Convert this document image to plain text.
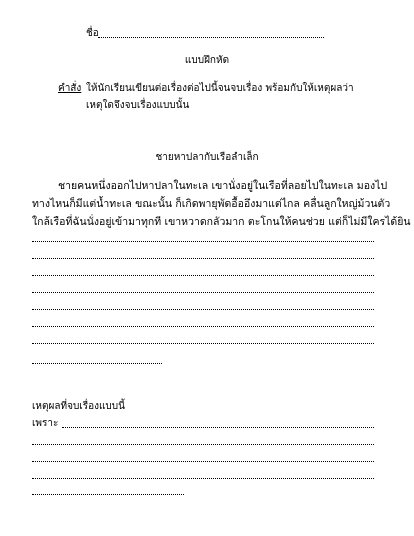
ชื่อ
แบบฝึกหัด
คำสั่ง ให้นักเรียนเขียนต่อเรื่องต่อไปนี้จนจบเรื่อง พร้อมกับให้เหตุผลว่า
เหตุใดจึงจบเรื่องแบบนั้น
ชายหาปลากับเรือลำเล็ก
ชายคนหนึ่งออกไปหาปลาในทะเล เขานั่งอยู่ในเรือที่ลอยไปในทะเล มองไป
ทางไหนก็มีแต่น้ำทะเล ขณะนั้น ก็เกิดพายุพัดอื้ออึงมาแต่ไกล คลื่นลูกใหญ่ม้วนตัว
ใกล้เรือที่ฉันนั่งอยู่เข้ามาทุกที เขาหวาดกลัวมาก ตะโกนให้คนช่วย แต่ก็ไม่มีใครได้ยิน
เหตุผลที่จบเรื่องแบบนี้
เพราะ
